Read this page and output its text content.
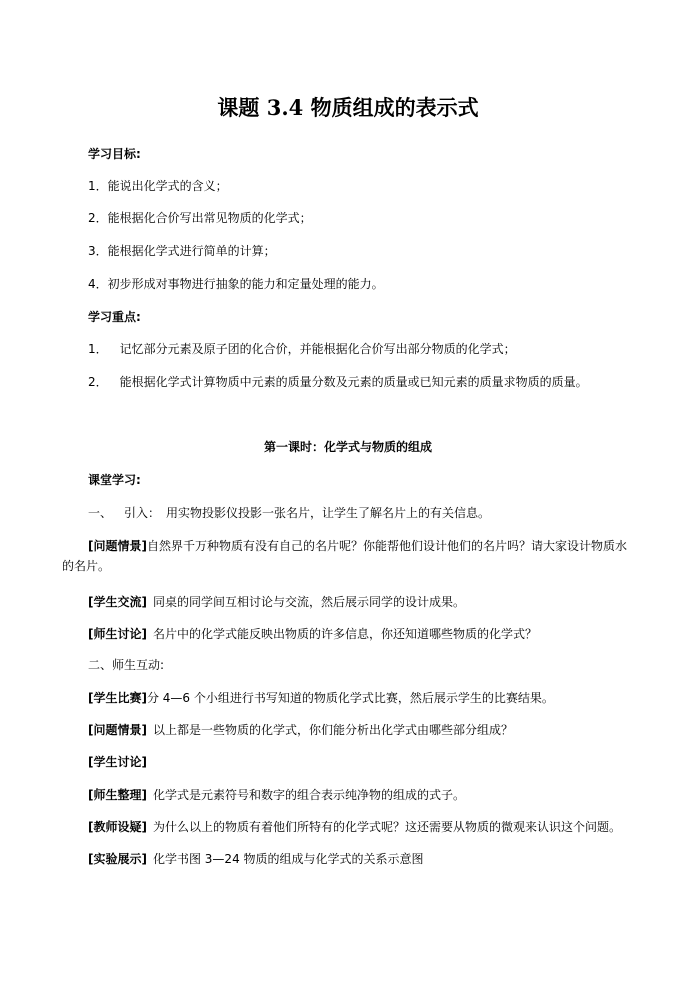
课题 3.4 物质组成的表示式
学习目标:
1．能说出化学式的含义；
2．能根据化合价写出常见物质的化学式；
3．能根据化学式进行简单的计算；
4．初步形成对事物进行抽象的能力和定量处理的能力。
学习重点:
1． 记忆部分元素及原子团的化合价，并能根据化合价写出部分物质的化学式；
2． 能根据化学式计算物质中元素的质量分数及元素的质量或已知元素的质量求物质的质量。
第一课时：化学式与物质的组成
课堂学习:
一、 引入： 用实物投影仪投影一张名片，让学生了解名片上的有关信息。
[问题情景]自然界千万种物质有没有自己的名片呢？你能帮他们设计他们的名片吗？请大家设计物质水
的名片。
[学生交流] 同桌的同学间互相讨论与交流，然后展示同学的设计成果。
[师生讨论] 名片中的化学式能反映出物质的许多信息，你还知道哪些物质的化学式？
二、师生互动:
[学生比赛]分 4—6 个小组进行书写知道的物质化学式比赛，然后展示学生的比赛结果。
[问题情景] 以上都是一些物质的化学式，你们能分析出化学式由哪些部分组成？
[学生讨论]
[师生整理] 化学式是元素符号和数字的组合表示纯净物的组成的式子。
[教师设疑] 为什么以上的物质有着他们所特有的化学式呢？这还需要从物质的微观来认识这个问题。
[实验展示] 化学书图 3—24 物质的组成与化学式的关系示意图
